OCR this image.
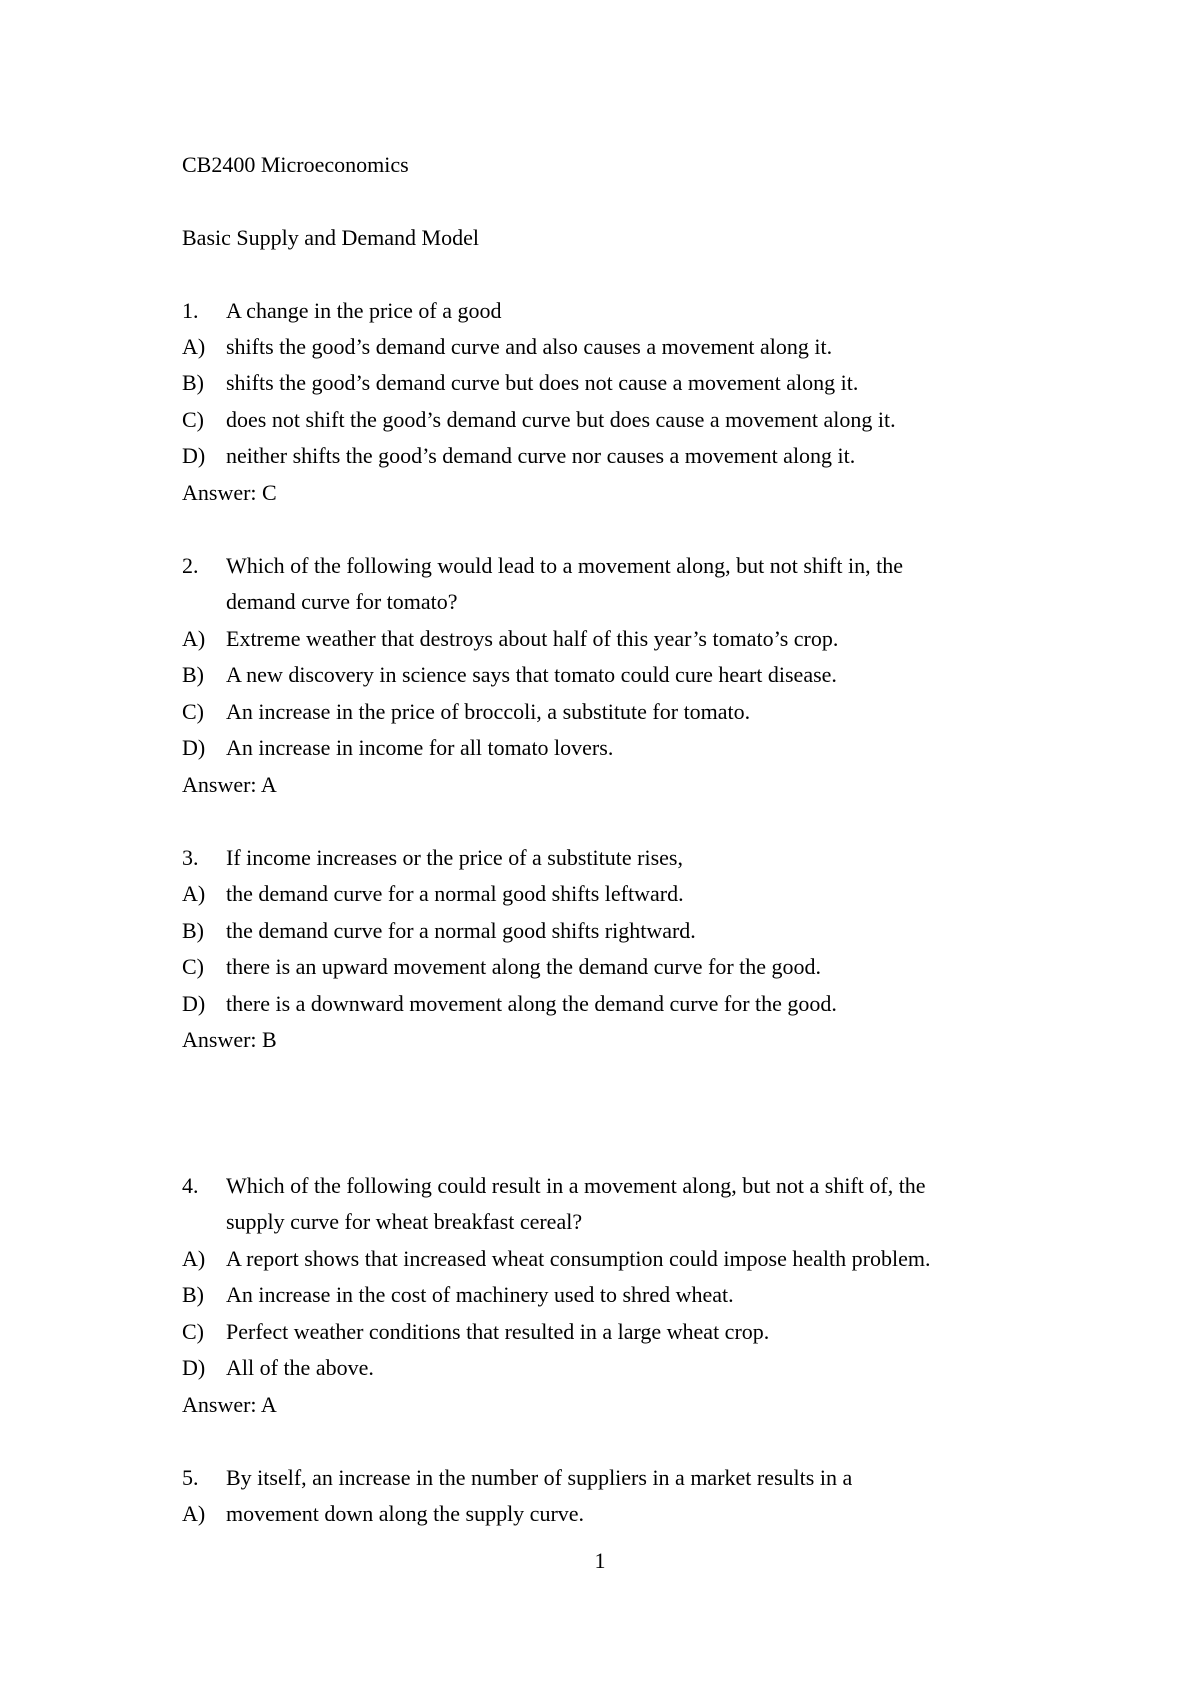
CB2400 Microeconomics
Basic Supply and Demand Model
1. A change in the price of a good
A) shifts the good’s demand curve and also causes a movement along it.
B) shifts the good’s demand curve but does not cause a movement along it.
C) does not shift the good’s demand curve but does cause a movement along it.
D) neither shifts the good’s demand curve nor causes a movement along it.
Answer: C
2. Which of the following would lead to a movement along, but not shift in, the
demand curve for tomato?
A) Extreme weather that destroys about half of this year’s tomato’s crop.
B) A new discovery in science says that tomato could cure heart disease.
C) An increase in the price of broccoli, a substitute for tomato.
D) An increase in income for all tomato lovers.
Answer: A
3. If income increases or the price of a substitute rises,
A) the demand curve for a normal good shifts leftward.
B) the demand curve for a normal good shifts rightward.
C) there is an upward movement along the demand curve for the good.
D) there is a downward movement along the demand curve for the good.
Answer: B
4. Which of the following could result in a movement along, but not a shift of, the
supply curve for wheat breakfast cereal?
A) A report shows that increased wheat consumption could impose health problem.
B) An increase in the cost of machinery used to shred wheat.
C) Perfect weather conditions that resulted in a large wheat crop.
D) All of the above.
Answer: A
5. By itself, an increase in the number of suppliers in a market results in a
A) movement down along the supply curve.
1
